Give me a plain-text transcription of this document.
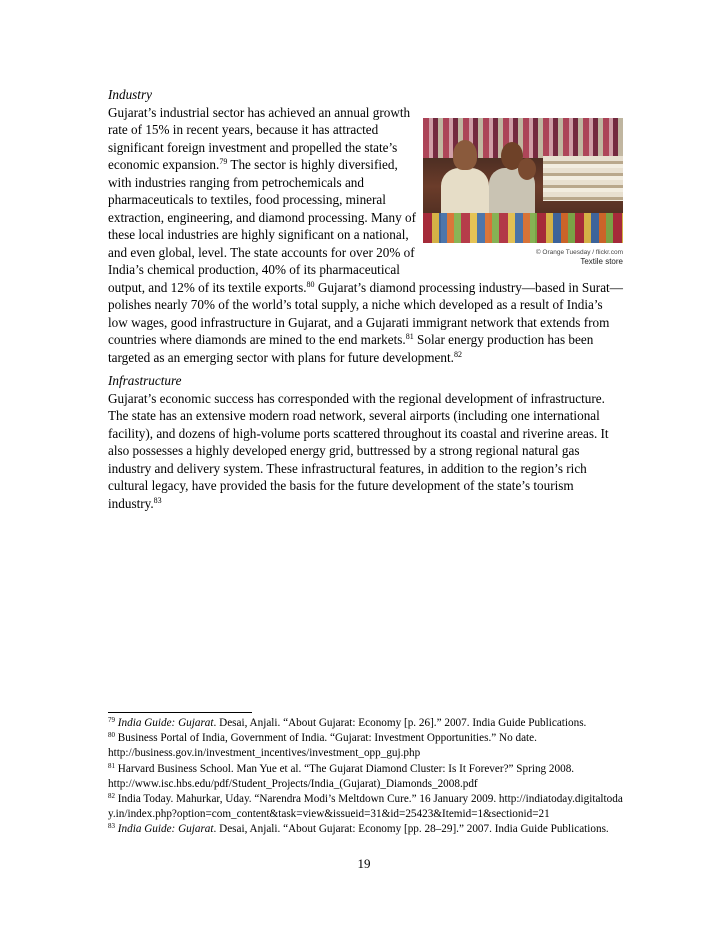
Industry
© Orange Tuesday / flickr.com
Textile store
Gujarat’s industrial sector has achieved an annual growth rate of 15% in recent years, because it has attracted significant foreign investment and propelled the state’s economic expansion.$^{79}$ The sector is highly diversified, with industries ranging from petrochemicals and pharmaceuticals to textiles, food processing, mineral extraction, engineering, and diamond processing. Many of these local industries are highly significant on a national, and even global, level. The state accounts for over 20% of India’s chemical production, 40% of its pharmaceutical output, and 12% of its textile exports.$^{80}$ Gujarat’s diamond processing industry—based in Surat—polishes nearly 70% of the world’s total supply, a niche which developed as a result of India’s low wages, good infrastructure in Gujarat, and a Gujarati immigrant network that extends from countries where diamonds are mined to the end markets.$^{81}$ Solar energy production has been targeted as an emerging sector with plans for future development.$^{82}$
Infrastructure
Gujarat’s economic success has corresponded with the regional development of infrastructure. The state has an extensive modern road network, several airports (including one international facility), and dozens of high-volume ports scattered throughout its coastal and riverine areas. It also possesses a highly developed energy grid, buttressed by a strong regional natural gas industry and delivery system. These infrastructural features, in addition to the region’s rich cultural legacy, have provided the basis for the future development of the state’s tourism industry.$^{83}$
$^{79}$ India Guide: Gujarat. Desai, Anjali. “About Gujarat: Economy [p. 26].” 2007. India Guide Publications.
$^{80}$ Business Portal of India, Government of India. “Gujarat: Investment Opportunities.” No date. http://business.gov.in/investment_incentives/investment_opp_guj.php
$^{81}$ Harvard Business School. Man Yue et al. “The Gujarat Diamond Cluster: Is It Forever?” Spring 2008. http://www.isc.hbs.edu/pdf/Student_Projects/India_(Gujarat)_Diamonds_2008.pdf
$^{82}$ India Today. Mahurkar, Uday. “Narendra Modi’s Meltdown Cure.” 16 January 2009. http://indiatoday.digitaltoday.in/index.php?option=com_content&task=view&issueid=31&id=25423&Itemid=1&sectionid=21
$^{83}$ India Guide: Gujarat. Desai, Anjali. “About Gujarat: Economy [pp. 28–29].” 2007. India Guide Publications.
19
